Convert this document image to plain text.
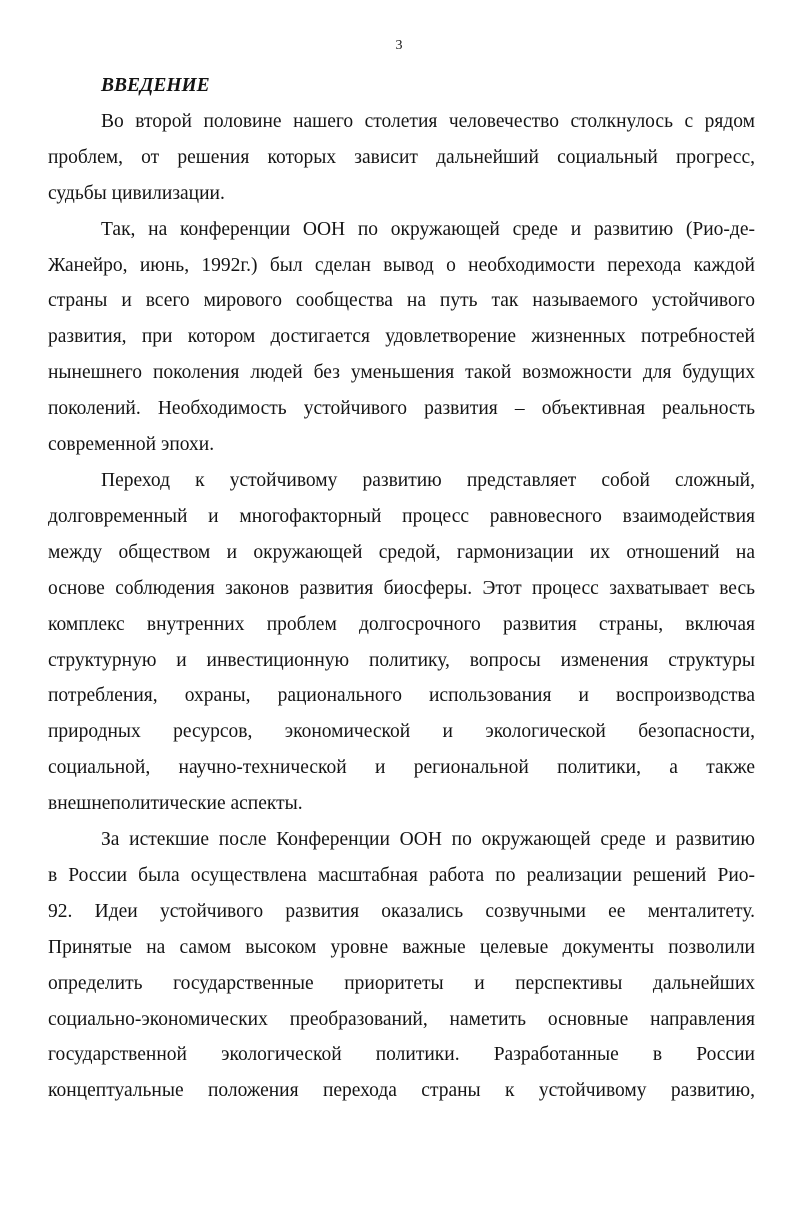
3
ВВЕДЕНИЕ
Во второй половине нашего столетия человечество столкнулось с рядом
проблем, от решения которых зависит дальнейший социальный прогресс,
судьбы цивилизации.
Так, на конференции ООН по окружающей среде и развитию (Рио-де-
Жанейро, июнь, 1992г.) был сделан вывод о необходимости перехода каждой
страны и всего мирового сообщества на путь так называемого устойчивого
развития, при котором достигается удовлетворение жизненных потребностей
нынешнего поколения людей без уменьшения такой возможности для будущих
поколений. Необходимость устойчивого развития – объективная реальность
современной эпохи.
Переход к устойчивому развитию представляет собой сложный,
долговременный и многофакторный процесс равновесного взаимодействия
между обществом и окружающей средой, гармонизации их отношений на
основе соблюдения законов развития биосферы. Этот процесс захватывает весь
комплекс внутренних проблем долгосрочного развития страны, включая
структурную и инвестиционную политику, вопросы изменения структуры
потребления, охраны, рационального использования и воспроизводства
природных ресурсов, экономической и экологической безопасности,
социальной, научно-технической и региональной политики, а также
внешнеполитические аспекты.
За истекшие после Конференции ООН по окружающей среде и развитию
в России была осуществлена масштабная работа по реализации решений Рио-
92. Идеи устойчивого развития оказались созвучными ее менталитету.
Принятые на самом высоком уровне важные целевые документы позволили
определить государственные приоритеты и перспективы дальнейших
социально-экономических преобразований, наметить основные направления
государственной экологической политики. Разработанные в России
концептуальные положения перехода страны к устойчивому развитию,
